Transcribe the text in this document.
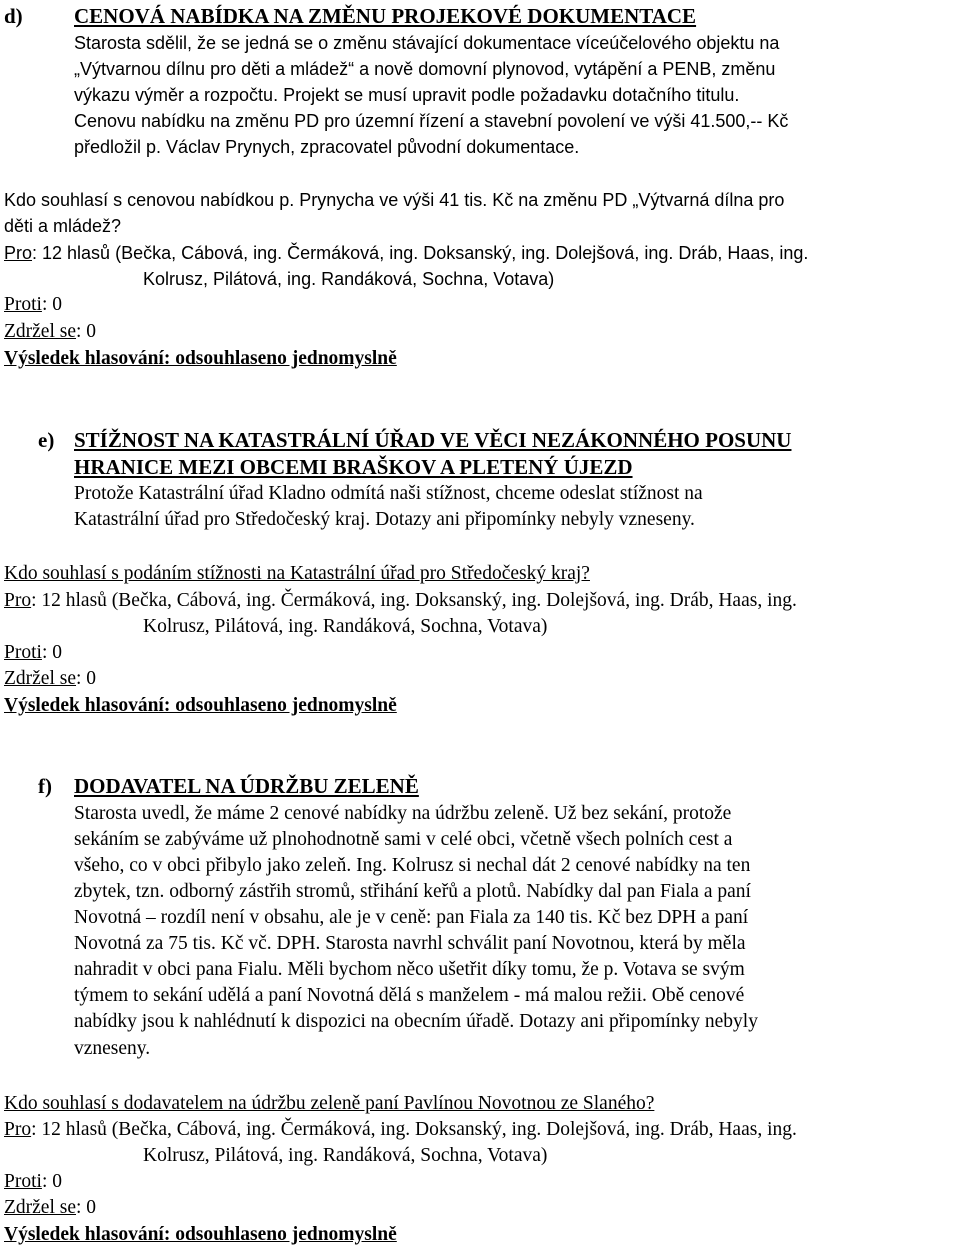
d) CENOVÁ NABÍDKA NA ZMĚNU PROJEKOVÉ DOKUMENTACE
Starosta sdělil, že se jedná se o změnu stávající dokumentace víceúčelového objektu na
„Výtvarnou dílnu pro děti a mládež“ a nově domovní plynovod, vytápění a PENB, změnu
výkazu výměr a rozpočtu. Projekt se musí upravit podle požadavku dotačního titulu.
Cenovu nabídku na změnu PD pro územní řízení a stavební povolení ve výši 41.500,-- Kč
předložil p. Václav Prynych, zpracovatel původní dokumentace.
Kdo souhlasí s cenovou nabídkou p. Prynycha ve výši 41 tis. Kč na změnu PD „Výtvarná dílna pro
děti a mládež?
Pro: 12 hlasů (Bečka, Cábová, ing. Čermáková, ing. Doksanský, ing. Dolejšová, ing. Dráb, Haas, ing.
Kolrusz, Pilátová, ing. Randáková, Sochna, Votava)
Proti: 0
Zdržel se: 0
Výsledek hlasování: odsouhlaseno jednomyslně
e) STÍŽNOST NA KATASTRÁLNÍ ÚŘAD VE VĚCI NEZÁKONNÉHO POSUNU
HRANICE MEZI OBCEMI BRAŠKOV A PLETENÝ ÚJEZD
Protože Katastrální úřad Kladno odmítá naši stížnost, chceme odeslat stížnost na
Katastrální úřad pro Středočeský kraj. Dotazy ani připomínky nebyly vzneseny.
Kdo souhlasí s podáním stížnosti na Katastrální úřad pro Středočeský kraj?
Pro: 12 hlasů (Bečka, Cábová, ing. Čermáková, ing. Doksanský, ing. Dolejšová, ing. Dráb, Haas, ing.
Kolrusz, Pilátová, ing. Randáková, Sochna, Votava)
Proti: 0
Zdržel se: 0
Výsledek hlasování: odsouhlaseno jednomyslně
f) DODAVATEL NA ÚDRŽBU ZELENĚ
Starosta uvedl, že máme 2 cenové nabídky na údržbu zeleně. Už bez sekání, protože
sekáním se zabýváme už plnohodnotně sami v celé obci, včetně všech polních cest a
všeho, co v obci přibylo jako zeleň. Ing. Kolrusz si nechal dát 2 cenové nabídky na ten
zbytek, tzn. odborný zástřih stromů, střihání keřů a plotů. Nabídky dal pan Fiala a paní
Novotná – rozdíl není v obsahu, ale je v ceně: pan Fiala za 140 tis. Kč bez DPH a paní
Novotná za 75 tis. Kč vč. DPH. Starosta navrhl schválit paní Novotnou, která by měla
nahradit v obci pana Fialu. Měli bychom něco ušetřit díky tomu, že p. Votava se svým
týmem to sekání udělá a paní Novotná dělá s manželem - má malou režii. Obě cenové
nabídky jsou k nahlédnutí k dispozici na obecním úřadě. Dotazy ani připomínky nebyly
vzneseny.
Kdo souhlasí s dodavatelem na údržbu zeleně paní Pavlínou Novotnou ze Slaného?
Pro: 12 hlasů (Bečka, Cábová, ing. Čermáková, ing. Doksanský, ing. Dolejšová, ing. Dráb, Haas, ing.
Kolrusz, Pilátová, ing. Randáková, Sochna, Votava)
Proti: 0
Zdržel se: 0
Výsledek hlasování: odsouhlaseno jednomyslně
